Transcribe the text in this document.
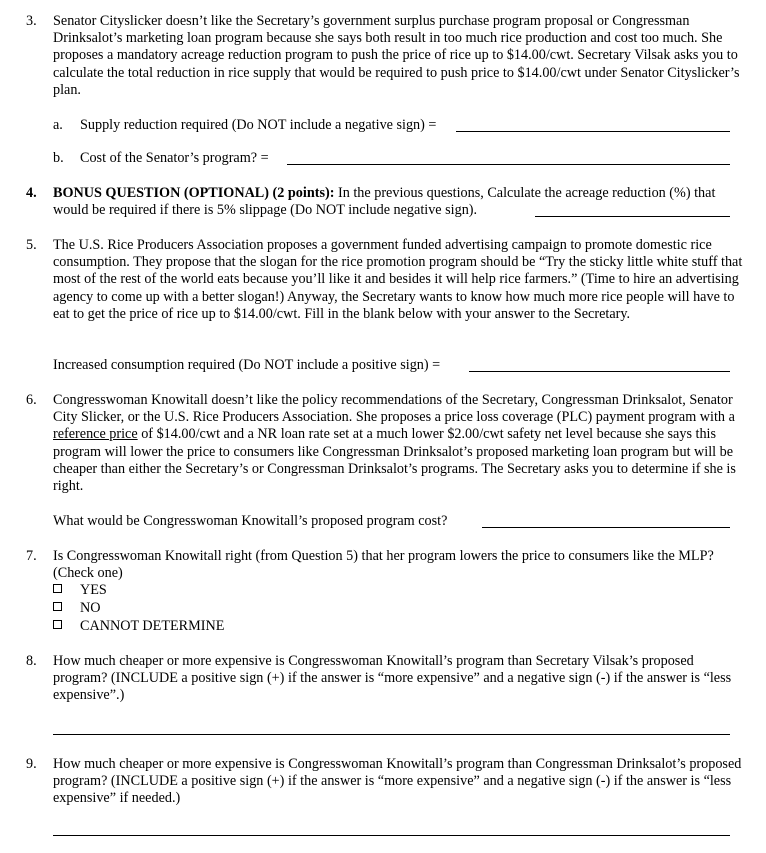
3. Senator Cityslicker doesn’t like the Secretary’s government surplus purchase program proposal or Congressman Drinksalot’s marketing loan program because she says both result in too much rice production and cost too much. She proposes a mandatory acreage reduction program to push the price of rice up to $14.00/cwt. Secretary Vilsak asks you to calculate the total reduction in rice supply that would be required to push price to $14.00/cwt under Senator Cityslicker’s plan.
a. Supply reduction required (Do NOT include a negative sign) =
b. Cost of the Senator’s program? =
4. BONUS QUESTION (OPTIONAL) (2 points): In the previous questions, Calculate the acreage reduction (%) that would be required if there is 5% slippage (Do NOT include negative sign).
5. The U.S. Rice Producers Association proposes a government funded advertising campaign to promote domestic rice consumption. They propose that the slogan for the rice promotion program should be “Try the sticky little white stuff that most of the rest of the world eats because you’ll like it and besides it will help rice farmers.” (Time to hire an advertising agency to come up with a better slogan!) Anyway, the Secretary wants to know how much more rice people will have to eat to get the price of rice up to $14.00/cwt. Fill in the blank below with your answer to the Secretary.
Increased consumption required (Do NOT include a positive sign) =
6. Congresswoman Knowitall doesn’t like the policy recommendations of the Secretary, Congressman Drinksalot, Senator City Slicker, or the U.S. Rice Producers Association. She proposes a price loss coverage (PLC) payment program with a reference price of $14.00/cwt and a NR loan rate set at a much lower $2.00/cwt safety net level because she says this program will lower the price to consumers like Congressman Drinksalot’s proposed marketing loan program but will be cheaper than either the Secretary’s or Congressman Drinksalot’s programs. The Secretary asks you to determine if she is right.
What would be Congresswoman Knowitall’s proposed program cost?
7. Is Congresswoman Knowitall right (from Question 5) that her program lowers the price to consumers like the MLP? (Check one)
YES
NO
CANNOT DETERMINE
8. How much cheaper or more expensive is Congresswoman Knowitall’s program than Secretary Vilsak’s proposed program? (INCLUDE a positive sign (+) if the answer is “more expensive” and a negative sign (-) if the answer is “less expensive”.)
9. How much cheaper or more expensive is Congresswoman Knowitall’s program than Congressman Drinksalot’s proposed program? (INCLUDE a positive sign (+) if the answer is “more expensive” and a negative sign (-) if the answer is “less expensive” if needed.)
